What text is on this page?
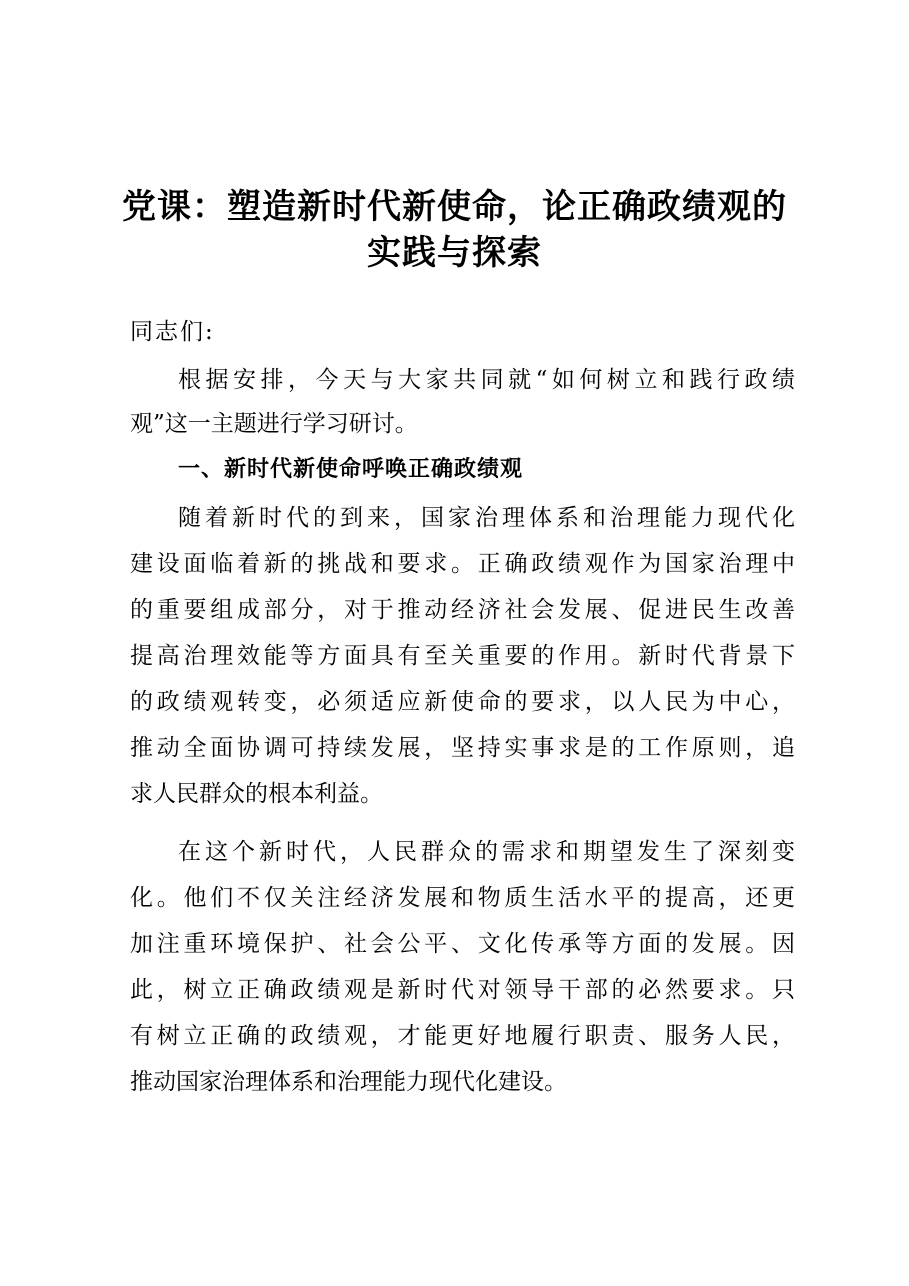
党课：塑造新时代新使命，论正确政绩观的
实践与探索
同志们:
根据安排，今天与大家共同就“如何树立和践行政绩
观”这一主题进行学习研讨。
一、新时代新使命呼唤正确政绩观
随着新时代的到来，国家治理体系和治理能力现代化
建设面临着新的挑战和要求。正确政绩观作为国家治理中
的重要组成部分，对于推动经济社会发展、促进民生改善
提高治理效能等方面具有至关重要的作用。新时代背景下
的政绩观转变，必须适应新使命的要求，以人民为中心，
推动全面协调可持续发展，坚持实事求是的工作原则，追
求人民群众的根本利益。
在这个新时代，人民群众的需求和期望发生了深刻变
化。他们不仅关注经济发展和物质生活水平的提高，还更
加注重环境保护、社会公平、文化传承等方面的发展。因
此，树立正确政绩观是新时代对领导干部的必然要求。只
有树立正确的政绩观，才能更好地履行职责、服务人民，
推动国家治理体系和治理能力现代化建设。
